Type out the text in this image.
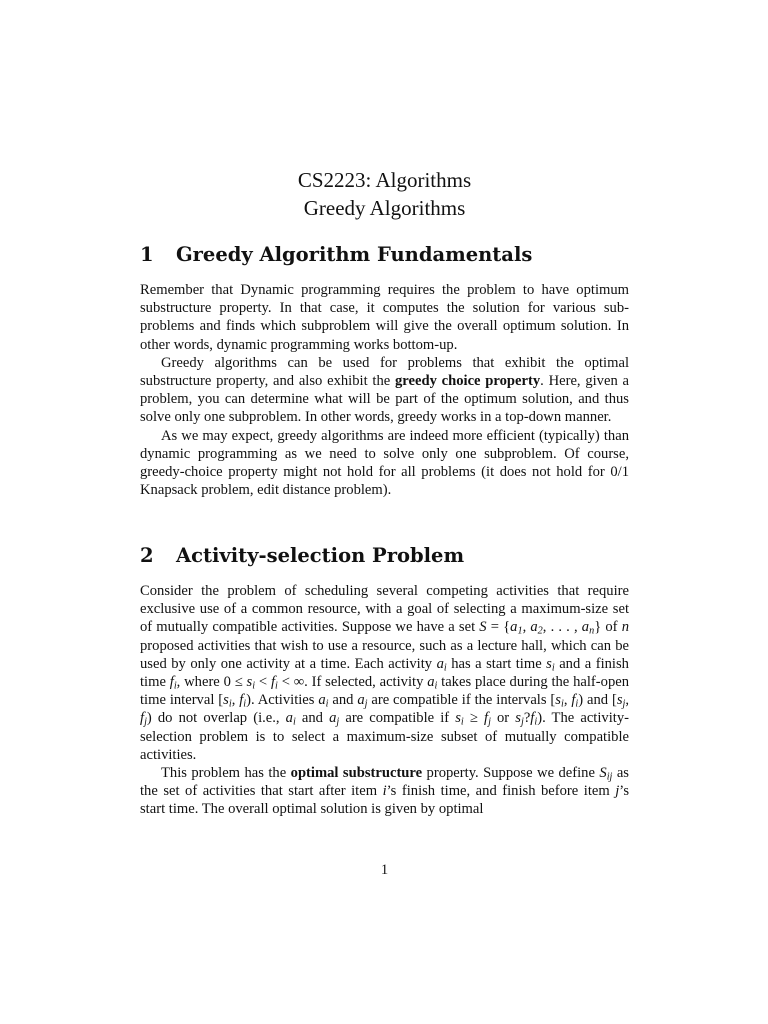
CS2223: Algorithms
Greedy Algorithms
1 Greedy Algorithm Fundamentals

Remember that Dynamic programming requires the problem to have optimum substructure property. In that case, it computes the solution for various sub-problems and finds which subproblem will give the overall optimum solution. In other words, dynamic programming works bottom-up.

Greedy algorithms can be used for problems that exhibit the optimal substructure property, and also exhibit the greedy choice property. Here, given a problem, you can determine what will be part of the optimum solution, and thus solve only one subproblem. In other words, greedy works in a top-down manner.

As we may expect, greedy algorithms are indeed more efficient (typically) than dynamic programming as we need to solve only one subproblem. Of course, greedy-choice property might not hold for all problems (it does not hold for 0/1 Knapsack problem, edit distance problem).

2 Activity-selection Problem

Consider the problem of scheduling several competing activities that require exclusive use of a common resource, with a goal of selecting a maximum-size set of mutually compatible activities. Suppose we have a set $S = \{a_1$, $a_2$, . . . , $a_n$} of n proposed activities that wish to use a resource, such as a lecture hall, which can be used by only one activity at a time. Each activity $a_i$ has a start time $s_i$ and a finish time $f_i$, where $0 \le s_i < f_i$ < ∞. If selected, activity $a_i$ takes place during the half-open time interval [$s_i$, $f_i$). Activities $a_i$ and $a_j$ are compatible if the intervals [$s_i$, $f_i$) and [$s_j$, $f_j$) do not overlap (i.e., $a_i$ and $a_j$ are compatible if $s_i \ge f_j$ or $s_j?f_i$). The activity-selection problem is to select a maximum-size subset of mutually compatible activities.

This problem has the optimal substructure property. Suppose we define $S_{ij}$ as the set of activities that start after item i’s finish time, and finish before item j’s start time. The overall optimal solution is given by optimal

1
